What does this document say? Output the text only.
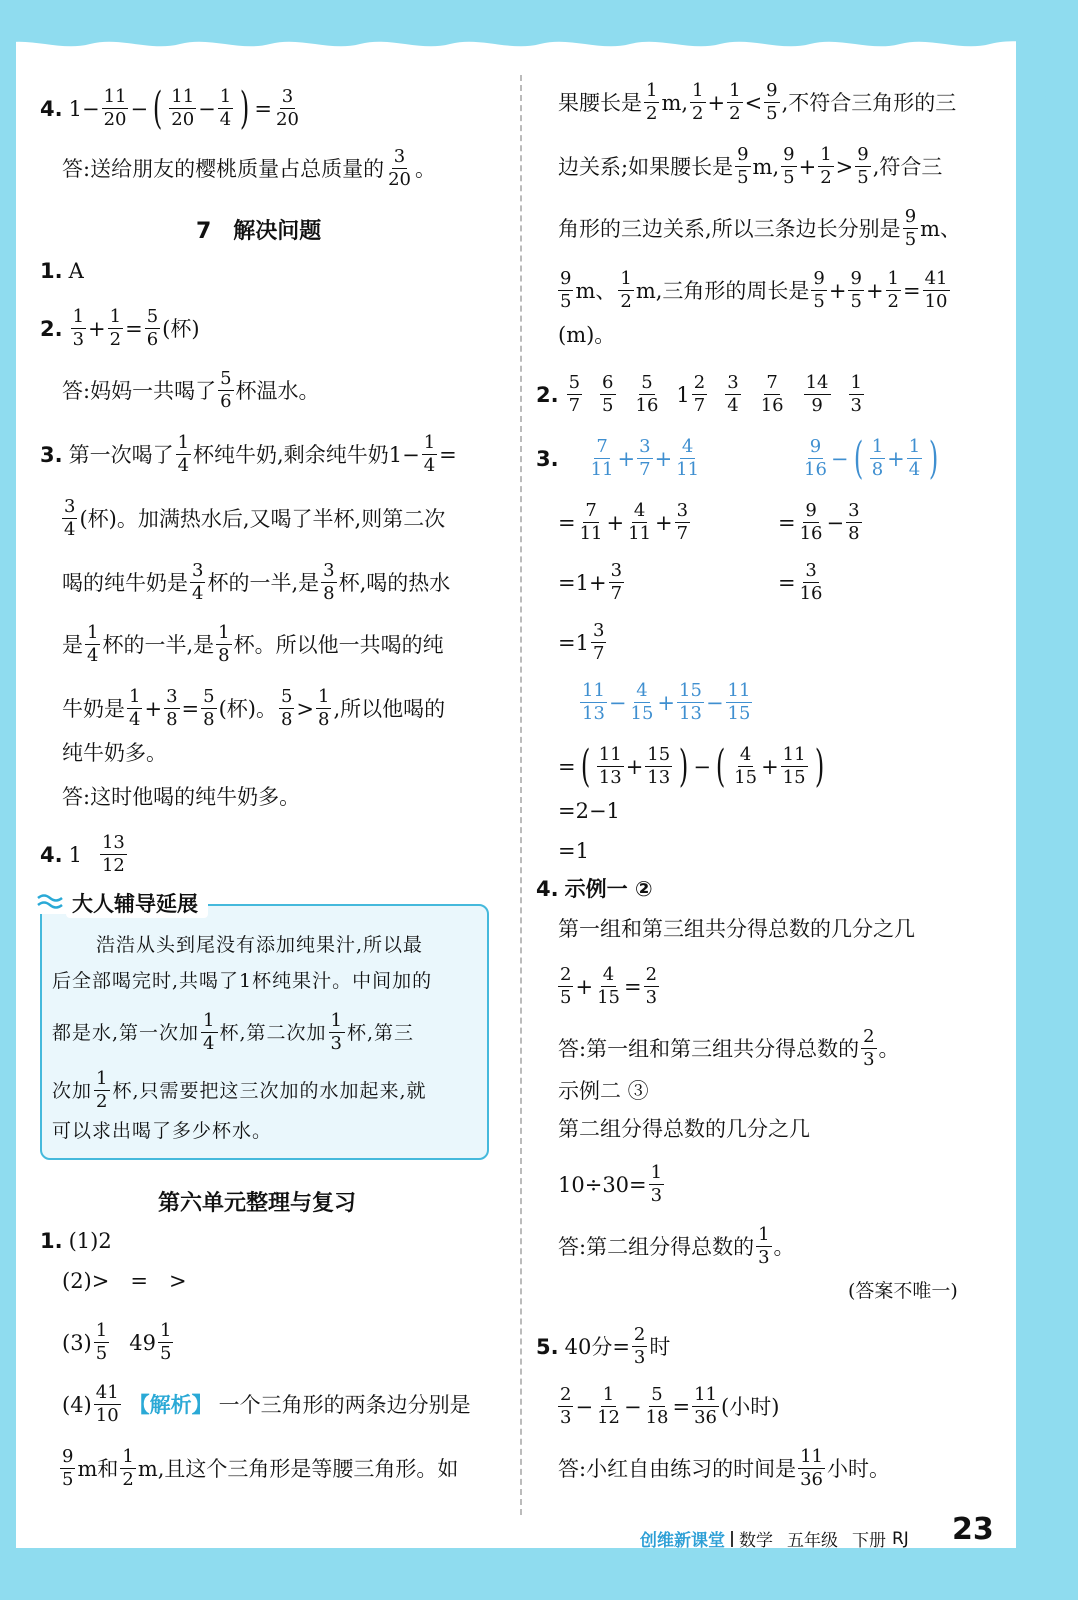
4. $1- \frac{11}{20}$ − ( $\frac{11}{20} - \frac{1}{4}$ ) = $\frac{3}{20}$
答:送给朋友的樱桃质量占总质量的 $\frac{3}{20}$ 。
7　解决问题
1. A
2. $\frac{1}{3} + \frac{1}{2} = \frac{5}{6}$ (杯)
答:妈妈一共喝了 $\frac{5}{6}$ 杯温水。
3. 第一次喝了 $\frac{1}{4}$ 杯纯牛奶,剩余纯牛奶$1- \frac{1}{4}$ =
$\frac{3}{4}$ (杯)。加满热水后,又喝了半杯,则第二次
喝的纯牛奶是 $\frac{3}{4}$ 杯的一半,是 $\frac{3}{8}$ 杯,喝的热水
是 $\frac{1}{4}$ 杯的一半,是 $\frac{1}{8}$ 杯。所以他一共喝的纯
牛奶是 $\frac{1}{4} + \frac{3}{8} = \frac{5}{8}$ (杯)。 $\frac{5}{8} > \frac{1}{8}$ ,所以他喝的
纯牛奶多。
答:这时他喝的纯牛奶多。
4. $1 \frac{13}{12}$
大人辅导延展
浩浩从头到尾没有添加纯果汁,所以最
后全部喝完时,共喝了1杯纯果汁。中间加的
都是水,第一次加 $\frac{1}{4}$ 杯,第二次加 $\frac{1}{3}$ 杯,第三
次加 $\frac{1}{2}$ 杯,只需要把这三次加的水加起来,就
可以求出喝了多少杯水。
第六单元整理与复习
1. (1)2
(2)>　=　>
$(3) \frac{1}{5} 49 \frac{1}{5}$
$(4) \frac{41}{10}$ 【解析】 一个三角形的两条边分别是
$\frac{9}{5}$ m和 $\frac{1}{2} m$,且这个三角形是等腰三角形。如
果腰长是 $\frac{1}{2} m$, $\frac{1}{2} + \frac{1}{2} < \frac{9}{5}$ ,不符合三角形的三
边关系;如果腰长是 $\frac{9}{5} m$, $\frac{9}{5} + \frac{1}{2} > \frac{9}{5}$ ,符合三
角形的三边关系,所以三条边长分别是 $\frac{9}{5}$ m、
$\frac{9}{5}$ m、 $\frac{1}{2} m$,三角形的周长是 $\frac{9}{5} + \frac{9}{5} + \frac{1}{2} = \frac{41}{10}$
(m)。
2. $\frac{5}{7} \frac{6}{5} \frac{5}{16} 1 \frac{2}{7} \frac{3}{4} \frac{7}{16} \frac{14}{9} \frac{1}{3}$
3. $\frac{7}{11} + \frac{3}{7} + \frac{4}{11}$
= $\frac{7}{11} + \frac{4}{11} + \frac{3}{7}$
$=1+ \frac{3}{7}$
$=1 \frac{3}{7}$
$\frac{9}{16}$ − ( $\frac{1}{8} + \frac{1}{4}$ )
= $\frac{9}{16} - \frac{3}{8}$
= $\frac{3}{16}$
$\frac{11}{13} - \frac{4}{15} + \frac{15}{13} - \frac{11}{15}$
= ( $\frac{11}{13} + \frac{15}{13}$ ) − ( $\frac{4}{15} + \frac{11}{15}$ )
=2−1
=1
4. 示例一 ②
第一组和第三组共分得总数的几分之几
$\frac{2}{5} + \frac{4}{15} = \frac{2}{3}$
答:第一组和第三组共分得总数的 $\frac{2}{3}$ 。
示例二 ③
第二组分得总数的几分之几
$10\div 30= \frac{1}{3}$
答:第二组分得总数的 $\frac{1}{3}$ 。
(答案不唯一)
5. 40分= $\frac{2}{3}$ 时
$\frac{2}{3} - \frac{1}{12} - \frac{5}{18} = \frac{11}{36}$ (小时)
答:小红自由练习的时间是 $\frac{11}{36}$ 小时。
创维新课堂 数学 五年级 下册 RJ 23
